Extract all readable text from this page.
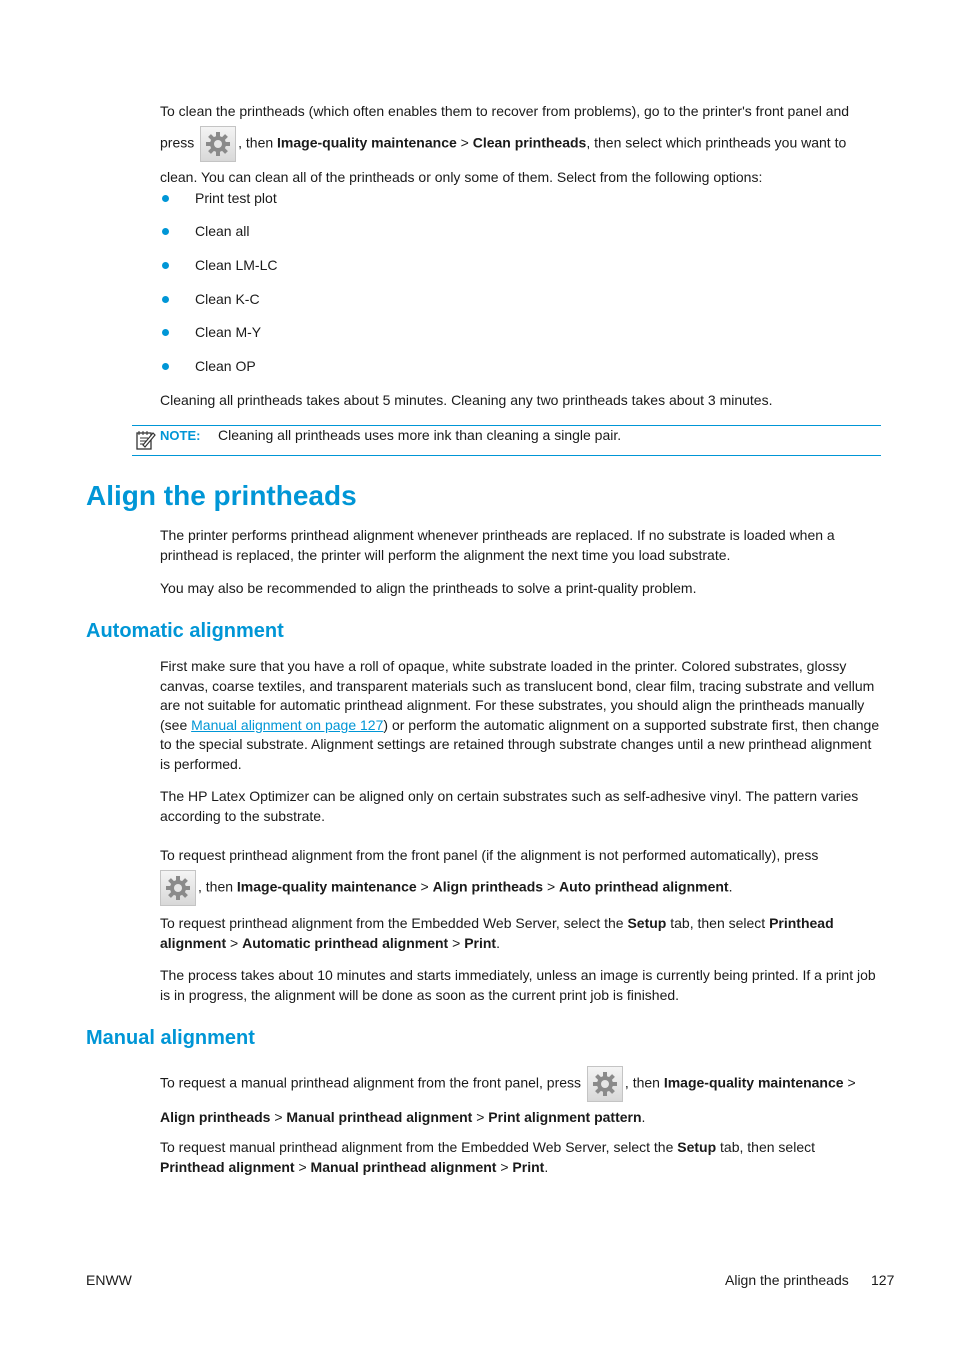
To clean the printheads (which often enables them to recover from problems), go to the printer's front panel and press	, then Image-quality maintenance > Clean printheads, then select which printheads you want to clean. You can clean all of the printheads or only some of them. Select from the following options:

Print test plot
Clean all
Clean LM-LC
Clean K-C
Clean M-Y
Clean OP

Cleaning all printheads takes about 5 minutes. Cleaning any two printheads takes about 3 minutes.

NOTE: Cleaning all printheads uses more ink than cleaning a single pair.
Align the printheads

The printer performs printhead alignment whenever printheads are replaced. If no substrate is loaded when a printhead is replaced, the printer will perform the alignment the next time you load substrate.

You may also be recommended to align the printheads to solve a print-quality problem.

Automatic alignment

First make sure that you have a roll of opaque, white substrate loaded in the printer. Colored substrates, glossy canvas, coarse textiles, and transparent materials such as translucent bond, clear film, tracing substrate and vellum are not suitable for automatic printhead alignment. For these substrates, you should align the printheads manually (see Manual alignment on page 127) or perform the automatic alignment on a supported substrate first, then change to the special substrate. Alignment settings are retained through substrate changes until a new printhead alignment is performed.

The HP Latex Optimizer can be aligned only on certain substrates such as self-adhesive vinyl. The pattern varies according to the substrate.

To request printhead alignment from the front panel (if the alignment is not performed automatically), press

, then Image-quality maintenance > Align printheads > Auto printhead alignment.

To request printhead alignment from the Embedded Web Server, select the Setup tab, then select Printhead alignment > Automatic printhead alignment > Print.

The process takes about 10 minutes and starts immediately, unless an image is currently being printed. If a print job is in progress, the alignment will be done as soon as the current print job is finished.

Manual alignment

To request a manual printhead alignment from the front panel, press	, then Image-quality maintenance > Align printheads > Manual printhead alignment > Print alignment pattern.

To request manual printhead alignment from the Embedded Web Server, select the Setup tab, then select Printhead alignment > Manual printhead alignment > Print.

ENWW	Align the printheads 127
